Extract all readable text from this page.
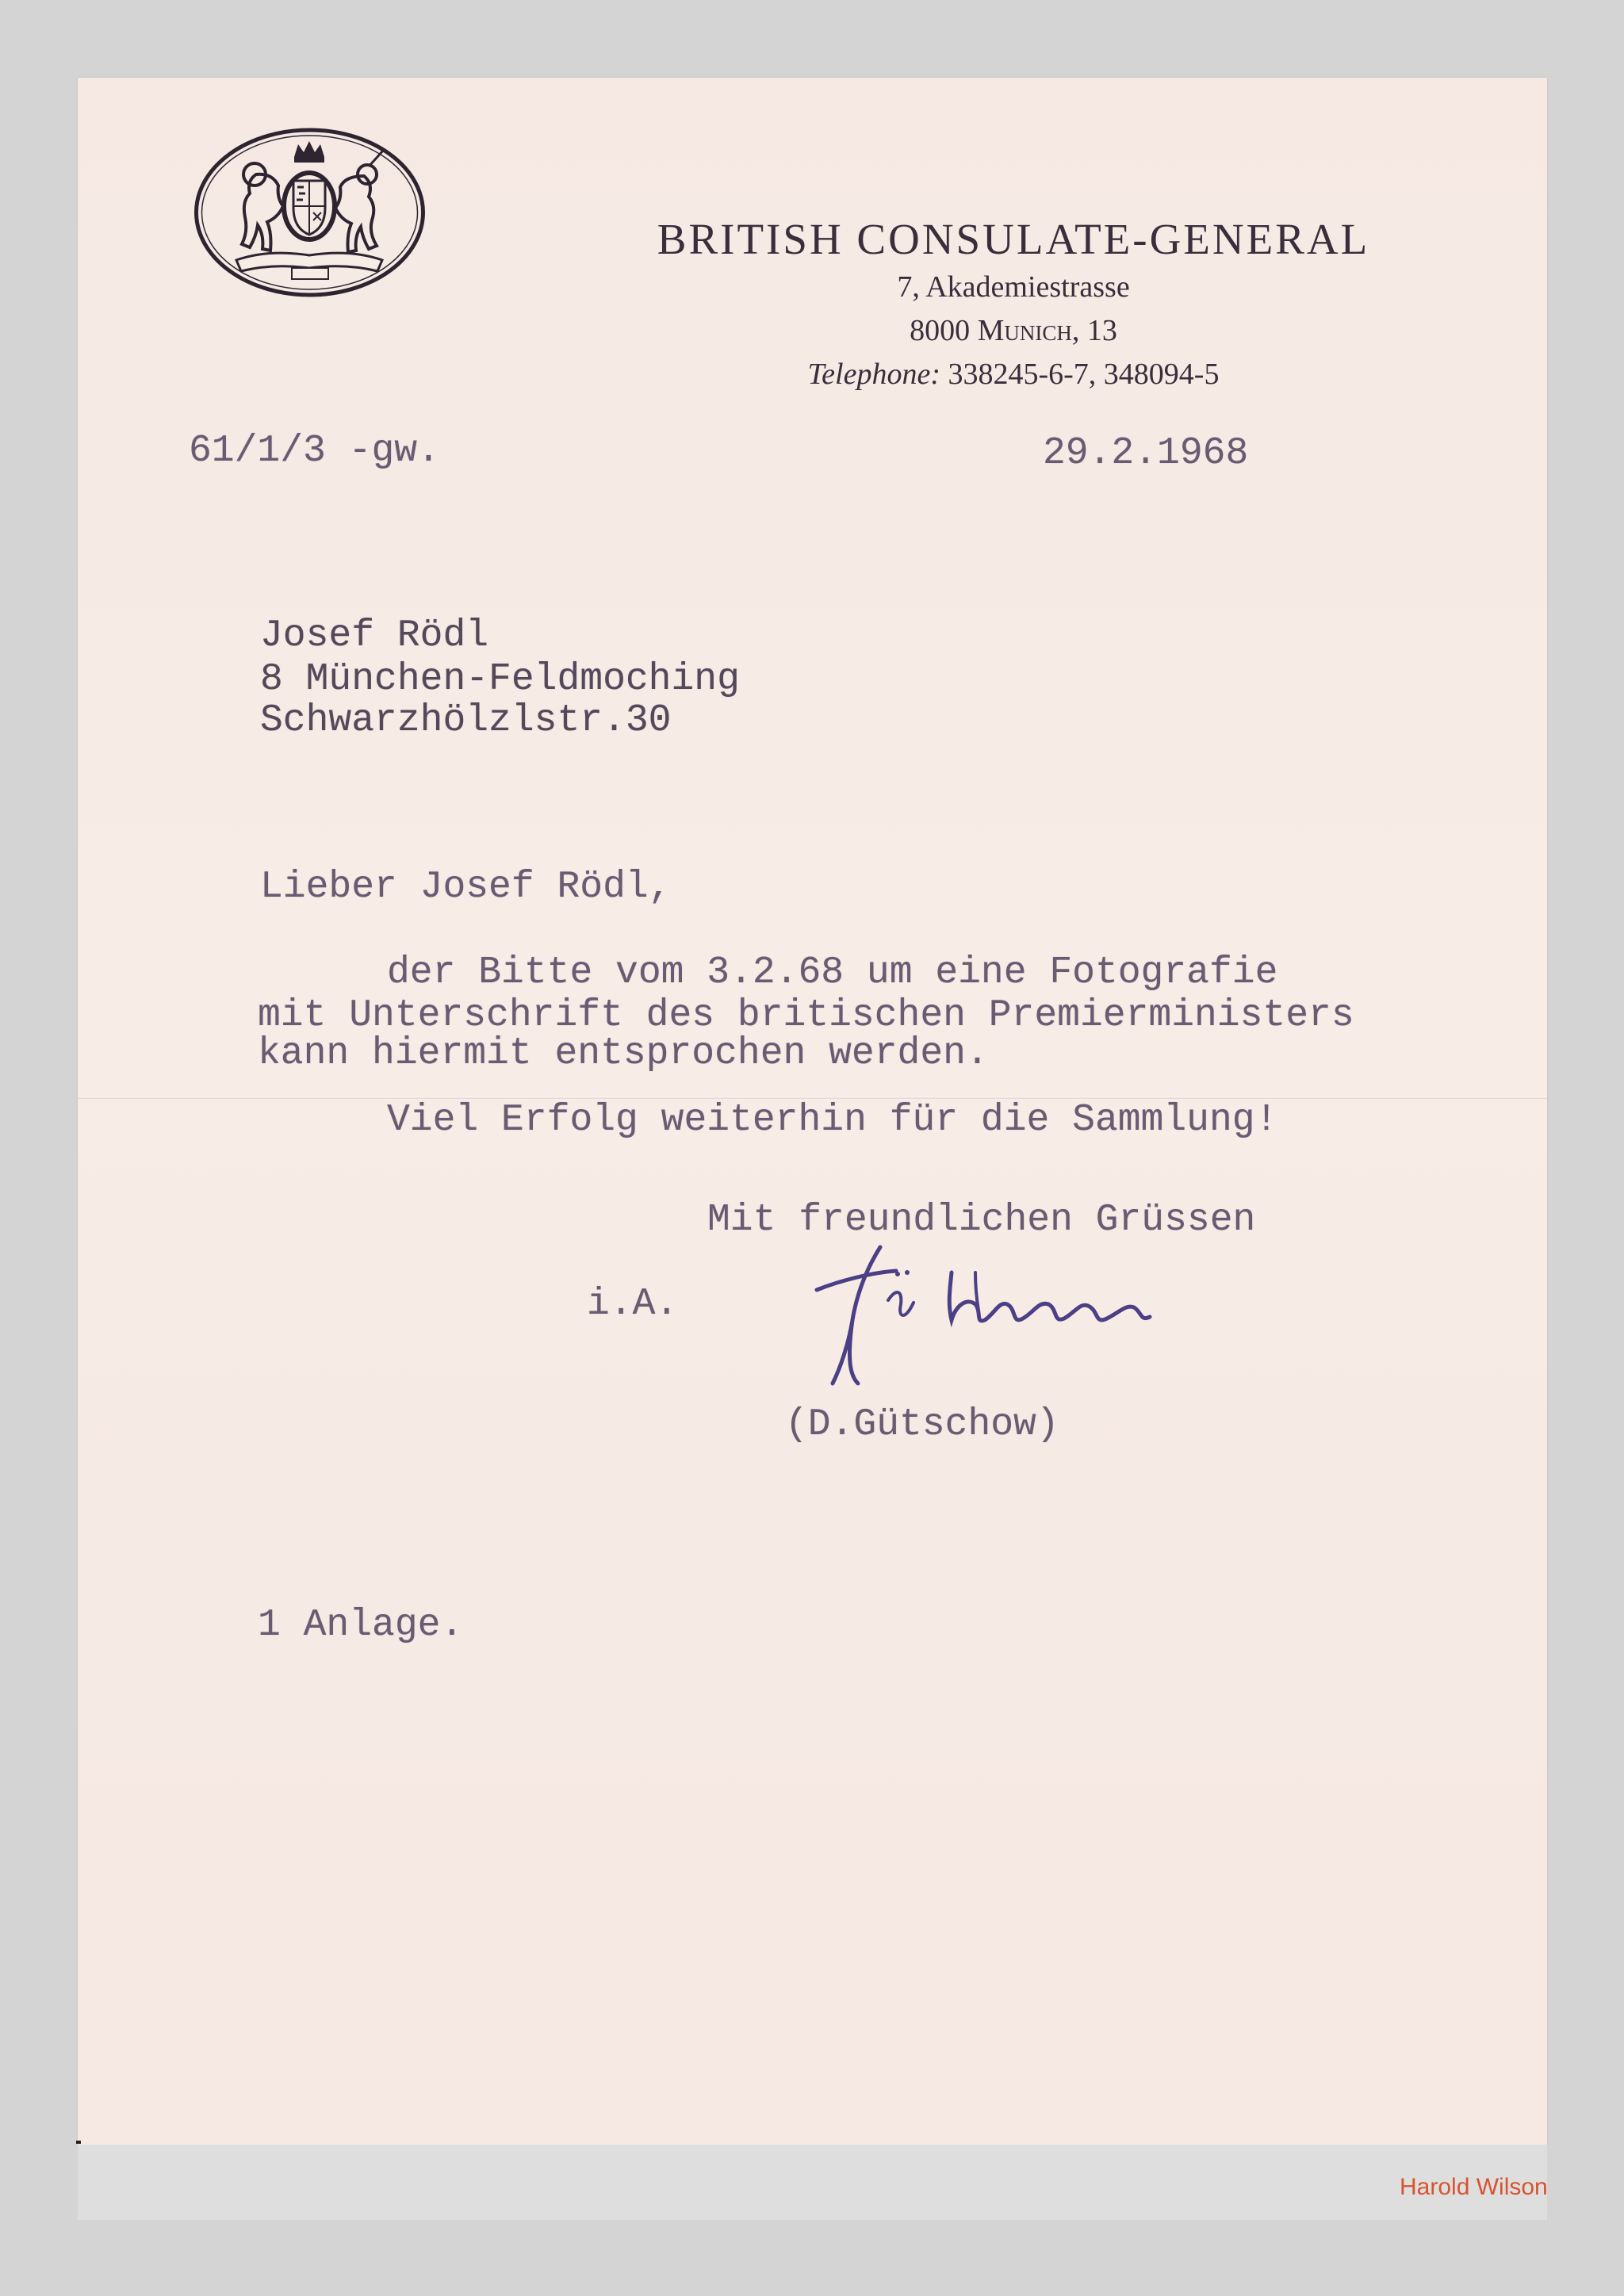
BRITISH CONSULATE-GENERAL
7, Akademiestrasse
8000 Munich, 13
Telephone: 338245-6-7, 348094-5
61/1/3 -gw.	29.2.1968
Josef Rödl
8 München-Feldmoching
Schwarzhölzlstr.30
Lieber Josef Rödl,
der Bitte vom 3.2.68 um eine Fotografie
mit Unterschrift des britischen Premierministers
kann hiermit entsprochen werden.
Viel Erfolg weiterhin für die Sammlung!
Mit freundlichen Grüssen
i.A.
(D.Gütschow)
1 Anlage.
Harold Wilson
